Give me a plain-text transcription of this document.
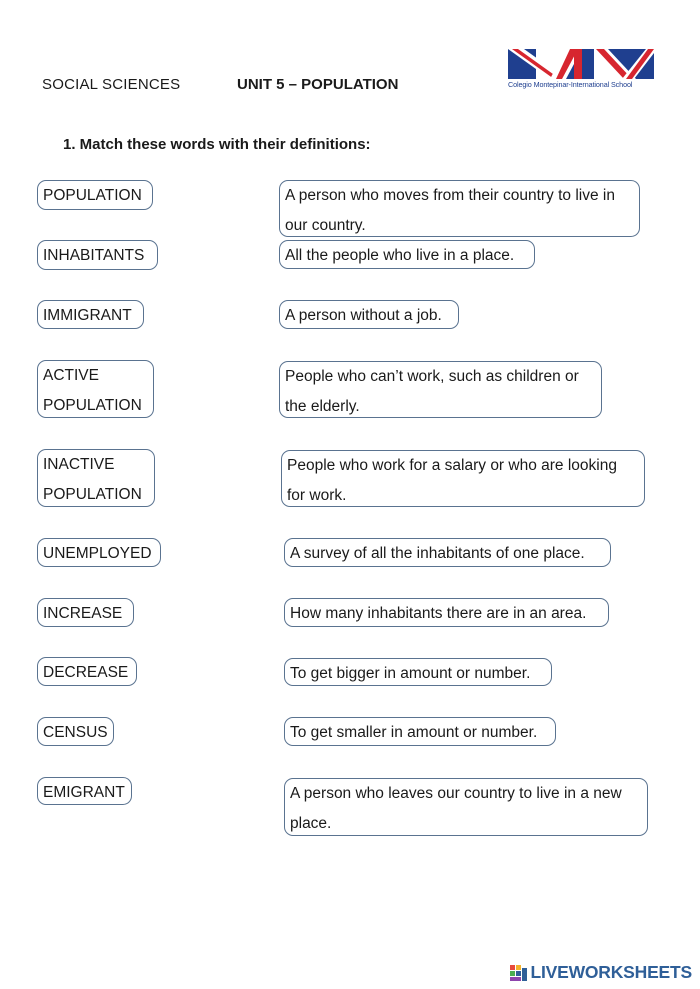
SOCIAL SCIENCES	UNIT 5 – POPULATION	Colegio Montepinar-International School
1. Match these words with their definitions:
POPULATION
INHABITANTS
IMMIGRANT
ACTIVE POPULATION
INACTIVE POPULATION
UNEMPLOYED
INCREASE
DECREASE
CENSUS
EMIGRANT
A person who moves from their country to live in our country.
All the people who live in a place.
A person without a job.
People who can’t work, such as children or the elderly.
People who work for a salary or who are looking for work.
A survey of all the inhabitants of one place.
How many inhabitants there are in an area.
To get bigger in amount or number.
To get smaller in amount or number.
A person who leaves our country to live in a new place.
LIVEWORKSHEETS
